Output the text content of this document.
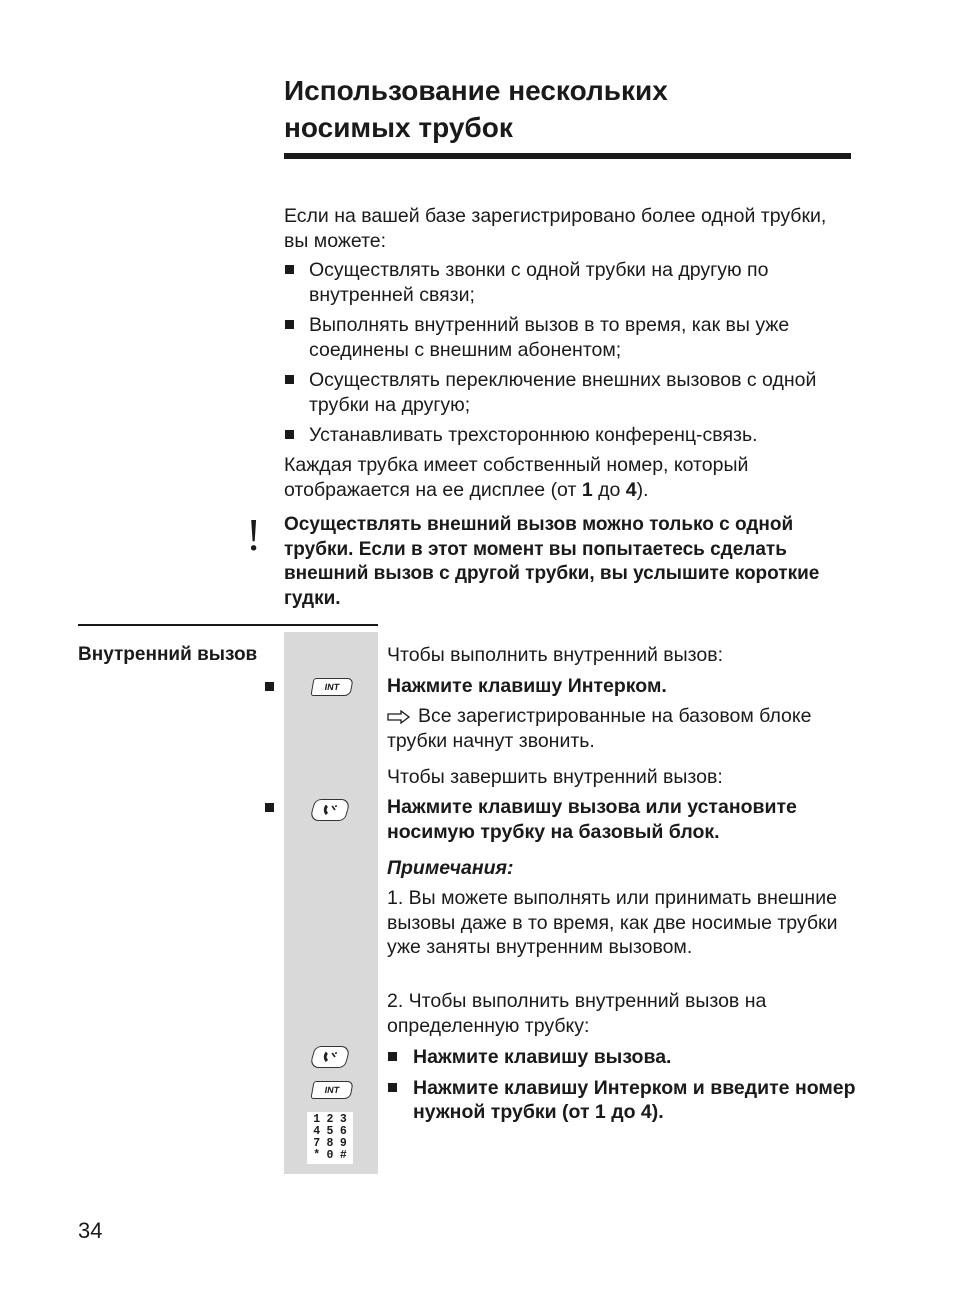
Использование нескольких
носимых трубок
Если на вашей базе зарегистрировано более одной трубки, вы можете:
Осуществлять звонки с одной трубки на другую по внутренней связи;
Выполнять внутренний вызов в то время, как вы уже соединены с внешним абонентом;
Осуществлять переключение внешних вызовов с одной трубки на другую;
Устанавливать трехстороннюю конференц-связь.
Каждая трубка имеет собственный номер, который отображается на ее дисплее (от 1 до 4).
! Осуществлять внешний вызов можно только с одной трубки. Если в этот момент вы попытаетесь сделать внешний вызов с другой трубки, вы услышите короткие гудки.
Внутренний вызов
INT
INT
1 2 3
4 5 6
7 8 9
* 0 #
Чтобы выполнить внутренний вызов:
Нажмите клавишу Интерком.
Все зарегистрированные на базовом блоке трубки начнут звонить.
Чтобы завершить внутренний вызов:
Нажмите клавишу вызова или установите носимую трубку на базовый блок.
Примечания:
1. Вы можете выполнять или принимать внешние вызовы даже в то время, как две носимые трубки уже заняты внутренним вызовом.
2. Чтобы выполнить внутренний вызов на определенную трубку:
Нажмите клавишу вызова.
Нажмите клавишу Интерком и введите номер нужной трубки (от 1 до 4).
34
